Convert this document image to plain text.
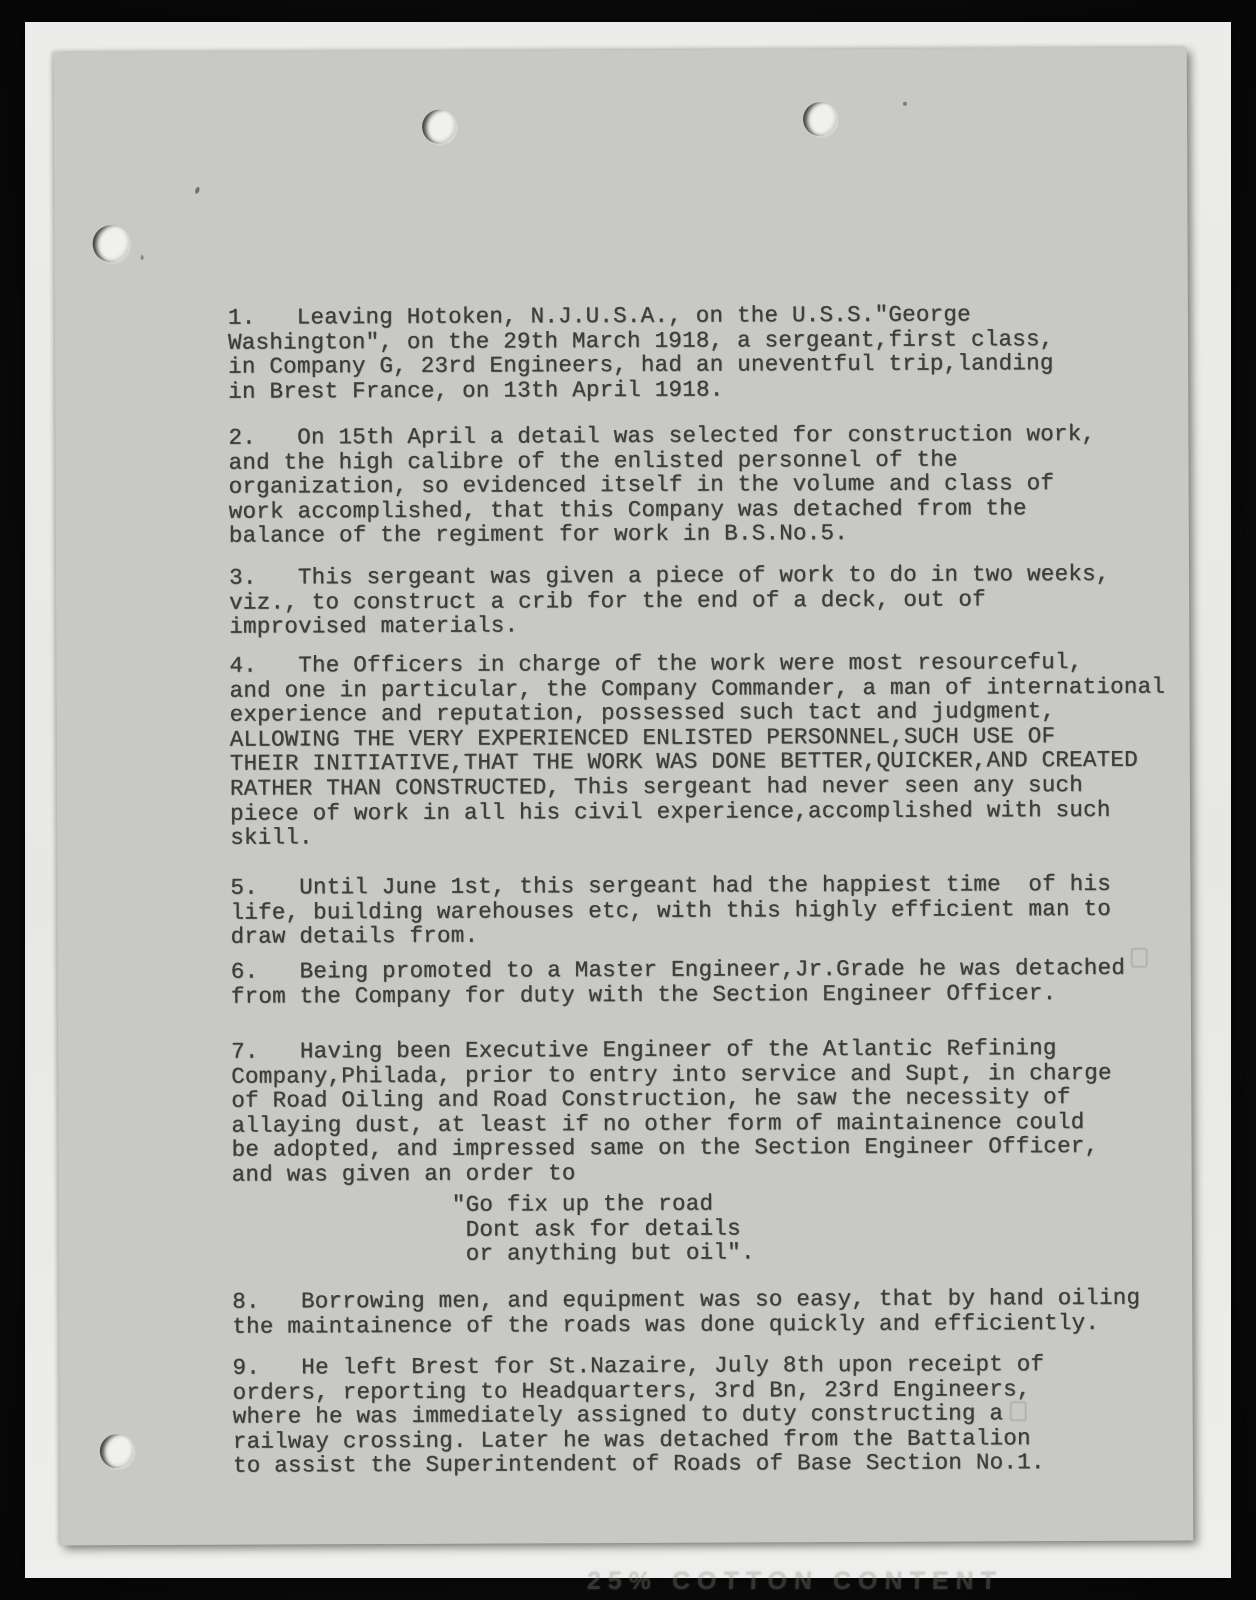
25% COTTON CONTENT

1.   Leaving Hotoken, N.J.U.S.A., on the U.S.S."George
Washington", on the 29th March 1918, a sergeant,first class,
in Company G, 23rd Engineers, had an uneventful trip,landing
in Brest France, on 13th April 1918.

2.   On 15th April a detail was selected for construction work,
and the high calibre of the enlisted personnel of the
organization, so evidenced itself in the volume and class of
work accomplished, that this Company was detached from the
balance of the regiment for work in B.S.No.5.

3.   This sergeant was given a piece of work to do in two weeks,
viz., to construct a crib for the end of a deck, out of
improvised materials.

4.   The Officers in charge of the work were most resourceful,
and one in particular, the Company Commander, a man of international
experience and reputation, possessed such tact and judgment,
ALLOWING THE VERY EXPERIENCED ENLISTED PERSONNEL,SUCH USE OF
THEIR INITIATIVE,THAT THE WORK WAS DONE BETTER,QUICKER,AND CREATED
RATHER THAN CONSTRUCTED, This sergeant had never seen any such
piece of work in all his civil experience,accomplished with such
skill.

5.   Until June 1st, this sergeant had the happiest time  of his
life, building warehouses etc, with this highly efficient man to
draw details from.

6.   Being promoted to a Master Engineer,Jr.Grade he was detached
from the Company for duty with the Section Engineer Officer.

7.   Having been Executive Engineer of the Atlantic Refining
Company,Philada, prior to entry into service and Supt, in charge
of Road Oiling and Road Construction, he saw the necessity of
allaying dust, at least if no other form of maintainence could
be adopted, and impressed same on the Section Engineer Officer,
and was given an order to

"Go fix up the road
Dont ask for details
or anything but oil".

8.   Borrowing men, and equipment was so easy, that by hand oiling
the maintainence of the roads was done quickly and efficiently.

9.   He left Brest for St.Nazaire, July 8th upon receipt of
orders, reporting to Headquarters, 3rd Bn, 23rd Engineers,
where he was immediately assigned to duty constructing a
railway crossing. Later he was detached from the Battalion
to assist the Superintendent of Roads of Base Section No.1.
